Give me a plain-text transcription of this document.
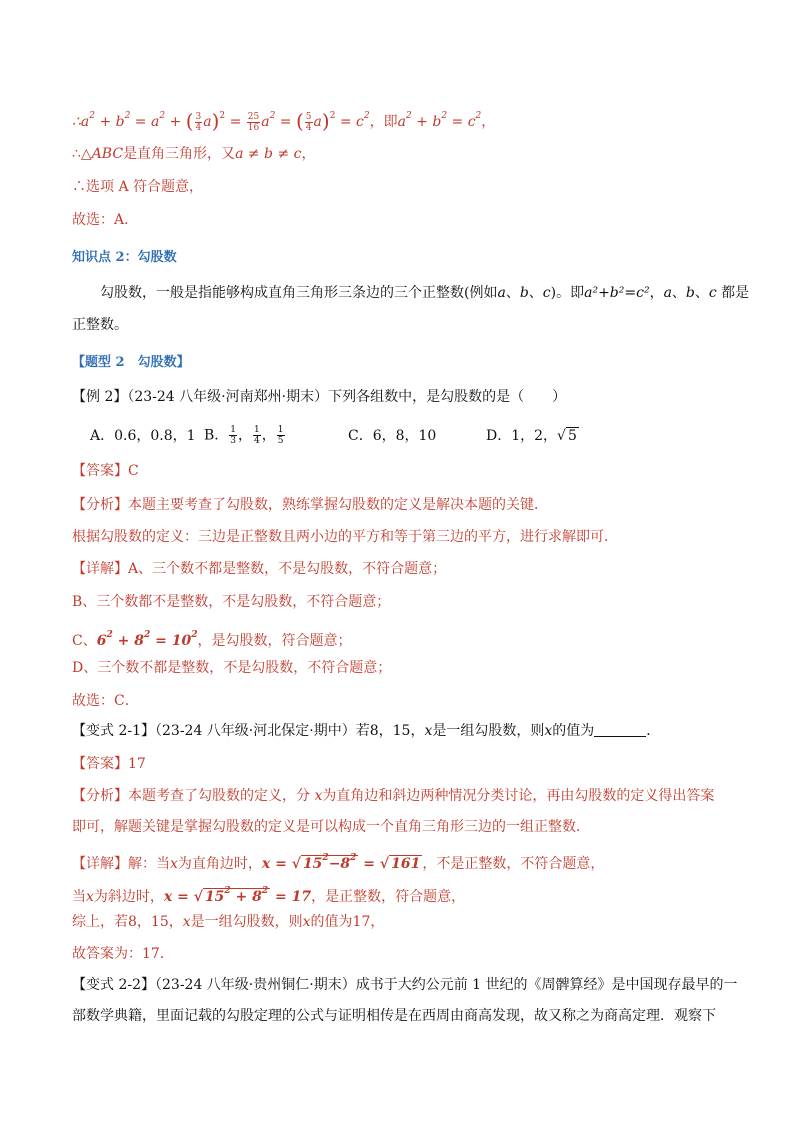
$\therefore a^2 + b^2 = a^2$ + ( $\frac{3}{4} a)^2 = \frac{25}{16} a^2$ = ( $\frac{5}{4} a)^2 = c^2$，即$a^2 + b^2 = c^2$，
∴△ABC是直角三角形，又a ≠ b ≠ c，
∴选项 A 符合题意，
故选：A．
知识点 2：勾股数
勾股数，一般是指能够构成直角三角形三条边的三个正整数(例如a、b、c)。即a²+b²=c²，a、b、c 都是
正整数。
【题型 2　勾股数】
【例 2】（23-24 八年级·河南郑州·期末）下列各组数中，是勾股数的是（　　）
A．0.6，0.8，1 B． $\frac{1}{3}$ ， $\frac{1}{4}$ ， $\frac{1}{5}$	C．6，8，10	D．1，2，√ 5
【答案】C
【分析】本题主要考查了勾股数，熟练掌握勾股数的定义是解决本题的关键．
根据勾股数的定义：三边是正整数且两小边的平方和等于第三边的平方，进行求解即可．
【详解】A、三个数不都是整数，不是勾股数，不符合题意；
B、三个数都不是整数，不是勾股数，不符合题意；
C、$6^2 + 8^2 = 10^2$，是勾股数，符合题意；
D、三个数不都是整数，不是勾股数，不符合题意；
故选：C．
【变式 2-1】（23-24 八年级·河北保定·期中）若8，15，x是一组勾股数，则x的值为	．
【答案】17
【分析】本题考查了勾股数的定义，分 x为直角边和斜边两种情况分类讨论，再由勾股数的定义得出答案
即可，解题关键是掌握勾股数的定义是可以构成一个直角三角形三边的一组正整数．
【详解】解：当x为直角边时，x = √ $15^2-8^2$ = √ 161 ，不是正整数，不符合题意，
当x为斜边时，x = √ $15^2 + 8^2 = 17$，是正整数，符合题意，
综上，若8，15，x是一组勾股数，则x的值为17，
故答案为：17．
【变式 2-2】（23-24 八年级·贵州铜仁·期末）成书于大约公元前 1 世纪的《周髀算经》是中国现存最早的一
部数学典籍，里面记载的勾股定理的公式与证明相传是在西周由商高发现，故又称之为商高定理．观察下
